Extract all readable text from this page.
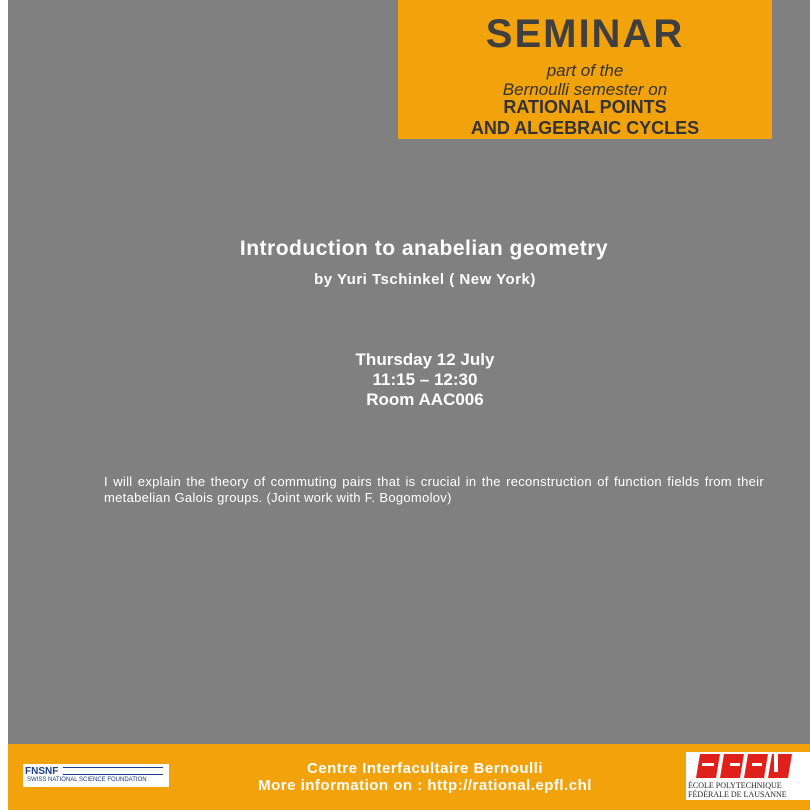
SEMINAR
part of the
Bernoulli semester on
RATIONAL POINTS
AND ALGEBRAIC CYCLES
Introduction to anabelian geometry
by Yuri Tschinkel ( New York)
Thursday 12 July
11:15 – 12:30
Room AAC006
I will explain the theory of commuting pairs that is crucial in the reconstruction of function fields from their metabelian Galois groups. (Joint work with F. Bogomolov)
Centre Interfacultaire Bernoulli
More information on : http://rational.epfl.chl
FNSNF
SWISS NATIONAL SCIENCE FOUNDATION
ÉCOLE POLYTECHNIQUE
FÉDÉRALE DE LAUSANNE
